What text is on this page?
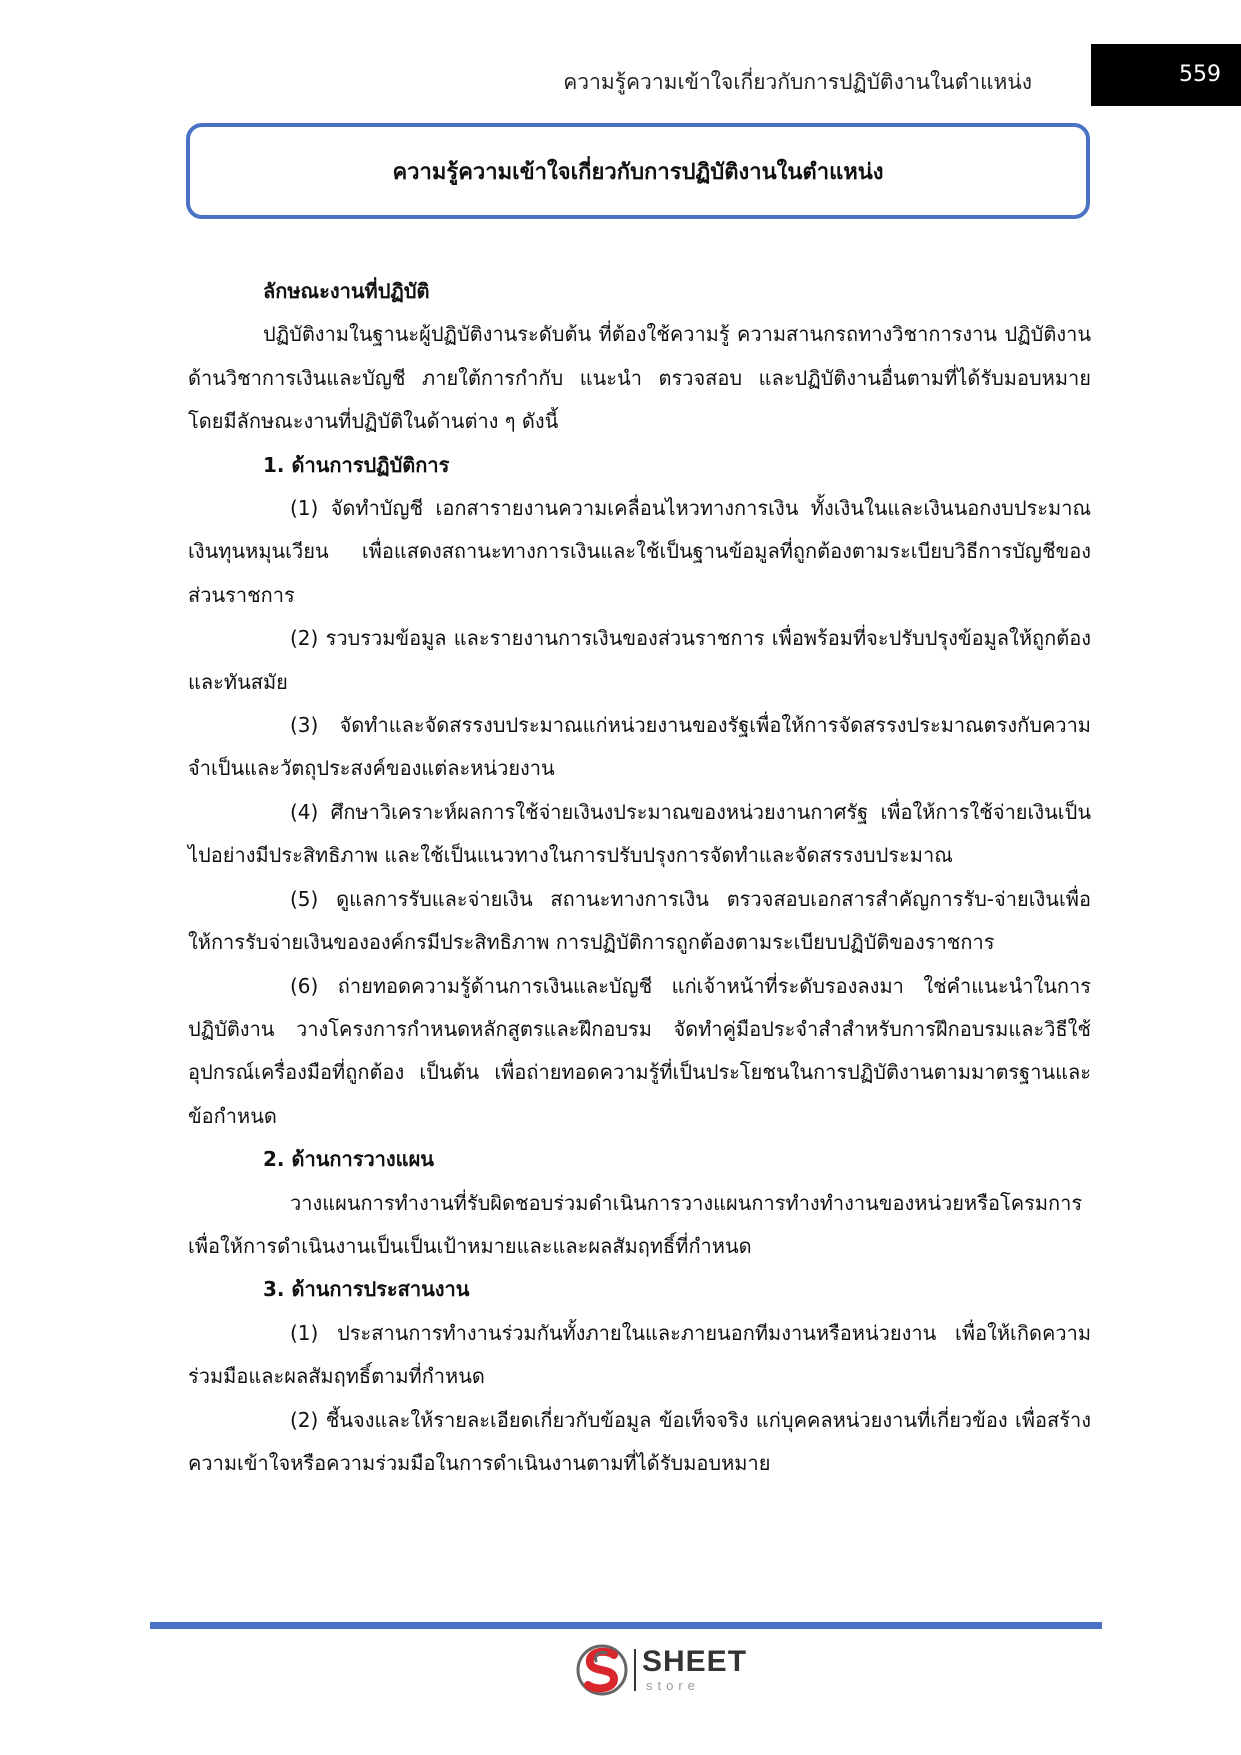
ความรู้ความเข้าใจเกี่ยวกับการปฏิบัติงานในตำแหน่ง	559
ความรู้ความเข้าใจเกี่ยวกับการปฏิบัติงานในตำแหน่ง

ลักษณะงานที่ปฏิบัติ

ปฏิบัติงามในฐานะผู้ปฏิบัติงานระดับต้น ที่ต้องใช้ความรู้ ความสานกรถทางวิชาการงาน ปฏิบัติงานด้านวิชาการเงินและบัญชี ภายใต้การกำกับ แนะนำ ตรวจสอบ และปฏิบัติงานอื่นตามที่ได้รับมอบหมาย โดยมีลักษณะงานที่ปฏิบัติในด้านต่าง ๆ ดังนี้

1. ด้านการปฏิบัติการ

(1) จัดทำบัญชี เอกสารายงานความเคลื่อนไหวทางการเงิน ทั้งเงินในและเงินนอกงบประมาณ เงินทุนหมุนเวียน เพื่อแสดงสถานะทางการเงินและใช้เป็นฐานข้อมูลที่ถูกต้องตามระเบียบวิธีการบัญชีของส่วนราชการ

(2) รวบรวมข้อมูล และรายงานการเงินของส่วนราชการ เพื่อพร้อมที่จะปรับปรุงข้อมูลให้ถูกต้องและทันสมัย

(3) จัดทำและจัดสรรงบประมาณแก่หน่วยงานของรัฐเพื่อให้การจัดสรรงประมาณตรงกับความจำเป็นและวัตถุประสงค์ของแต่ละหน่วยงาน

(4) ศึกษาวิเคราะห์ผลการใช้จ่ายเงินงประมาณของหน่วยงานกาศรัฐ เพื่อให้การใช้จ่ายเงินเป็นไปอย่างมีประสิทธิภาพ และใช้เป็นแนวทางในการปรับปรุงการจัดทำและจัดสรรงบประมาณ

(5) ดูแลการรับและจ่ายเงิน สถานะทางการเงิน ตรวจสอบเอกสารสำคัญการรับ-จ่ายเงินเพื่อให้การรับจ่ายเงินขององค์กรมีประสิทธิภาพ การปฏิบัติการถูกต้องตามระเบียบปฏิบัติของราชการ

(6) ถ่ายทอดความรู้ด้านการเงินและบัญชี แก่เจ้าหน้าที่ระดับรองลงมา ใช่คำแนะนำในการปฏิบัติงาน วางโครงการกำหนดหลักสูตรและฝึกอบรม จัดทำคู่มือประจำสำสำหรับการฝึกอบรมและวิธีใช้อุปกรณ์เครื่องมือที่ถูกต้อง เป็นต้น เพื่อถ่ายทอดความรู้ที่เป็นประโยชนในการปฏิบัติงานตามมาตรฐานและข้อกำหนด

2. ด้านการวางแผน

วางแผนการทำงานที่รับผิดชอบร่วมดำเนินการวางแผนการทำงทำงานของหน่วยหรือโครมการเพื่อให้การดำเนินงานเป็นเป็นเป้าหมายและและผลสัมฤทธิ์ที่กำหนด

3. ด้านการประสานงาน

(1) ประสานการทำงานร่วมกันทั้งภายในและภายนอกทีมงานหรือหน่วยงาน เพื่อให้เกิดความร่วมมือและผลสัมฤทธิ์ตามที่กำหนด

(2) ชี้นจงและให้รายละเอียดเกี่ยวกับข้อมูล ข้อเท็จจริง แก่บุคคลหน่วยงานที่เกี่ยวข้อง เพื่อสร้างความเข้าใจหรือความร่วมมือในการดำเนินงานตามที่ได้รับมอบหมาย

SHEET
store
